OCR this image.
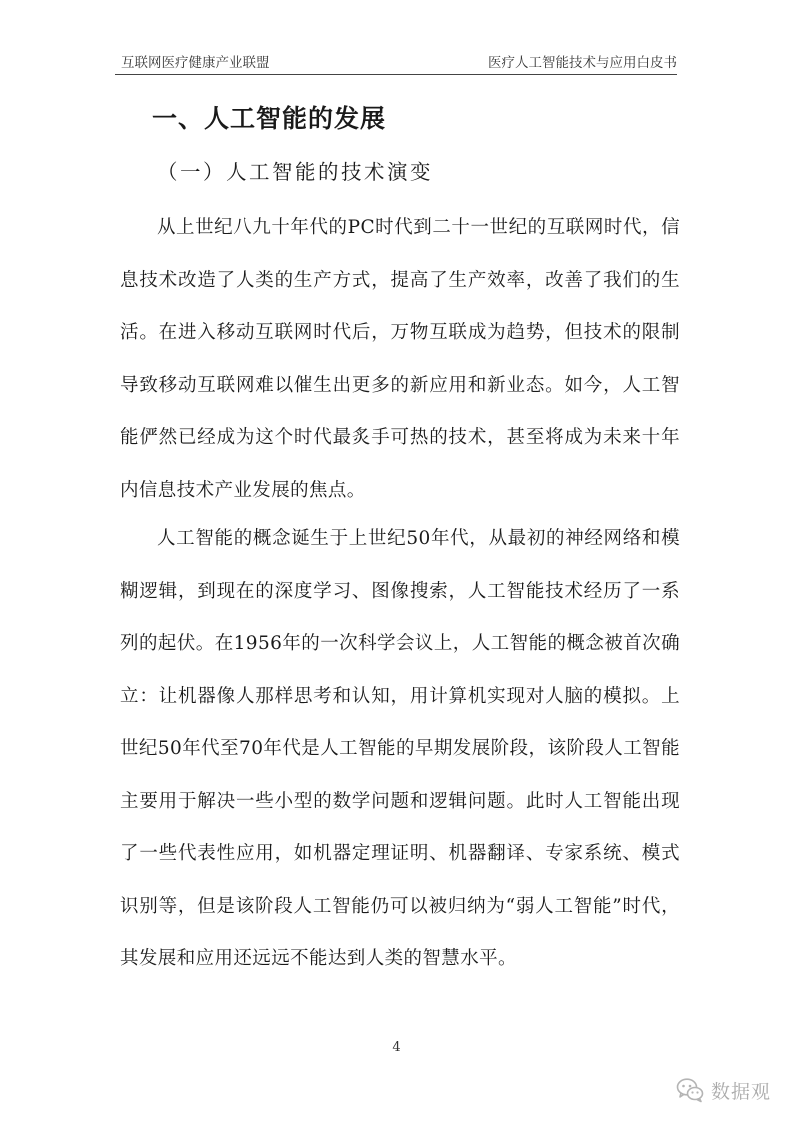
互联网医疗健康产业联盟	医疗人工智能技术与应用白皮书
一、人工智能的发展
（一）人工智能的技术演变

从上世纪八九十年代的PC时代到二十一世纪的互联网时代，信息技术改造了人类的生产方式，提高了生产效率，改善了我们的生活。在进入移动互联网时代后，万物互联成为趋势，但技术的限制导致移动互联网难以催生出更多的新应用和新业态。如今，人工智能俨然已经成为这个时代最炙手可热的技术，甚至将成为未来十年内信息技术产业发展的焦点。

人工智能的概念诞生于上世纪50年代，从最初的神经网络和模糊逻辑，到现在的深度学习、图像搜索，人工智能技术经历了一系列的起伏。在1956年的一次科学会议上，人工智能的概念被首次确立：让机器像人那样思考和认知，用计算机实现对人脑的模拟。上世纪50年代至70年代是人工智能的早期发展阶段，该阶段人工智能主要用于解决一些小型的数学问题和逻辑问题。此时人工智能出现了一些代表性应用，如机器定理证明、机器翻译、专家系统、模式识别等，但是该阶段人工智能仍可以被归纳为“弱人工智能”时代，其发展和应用还远远不能达到人类的智慧水平。

4
数据观
